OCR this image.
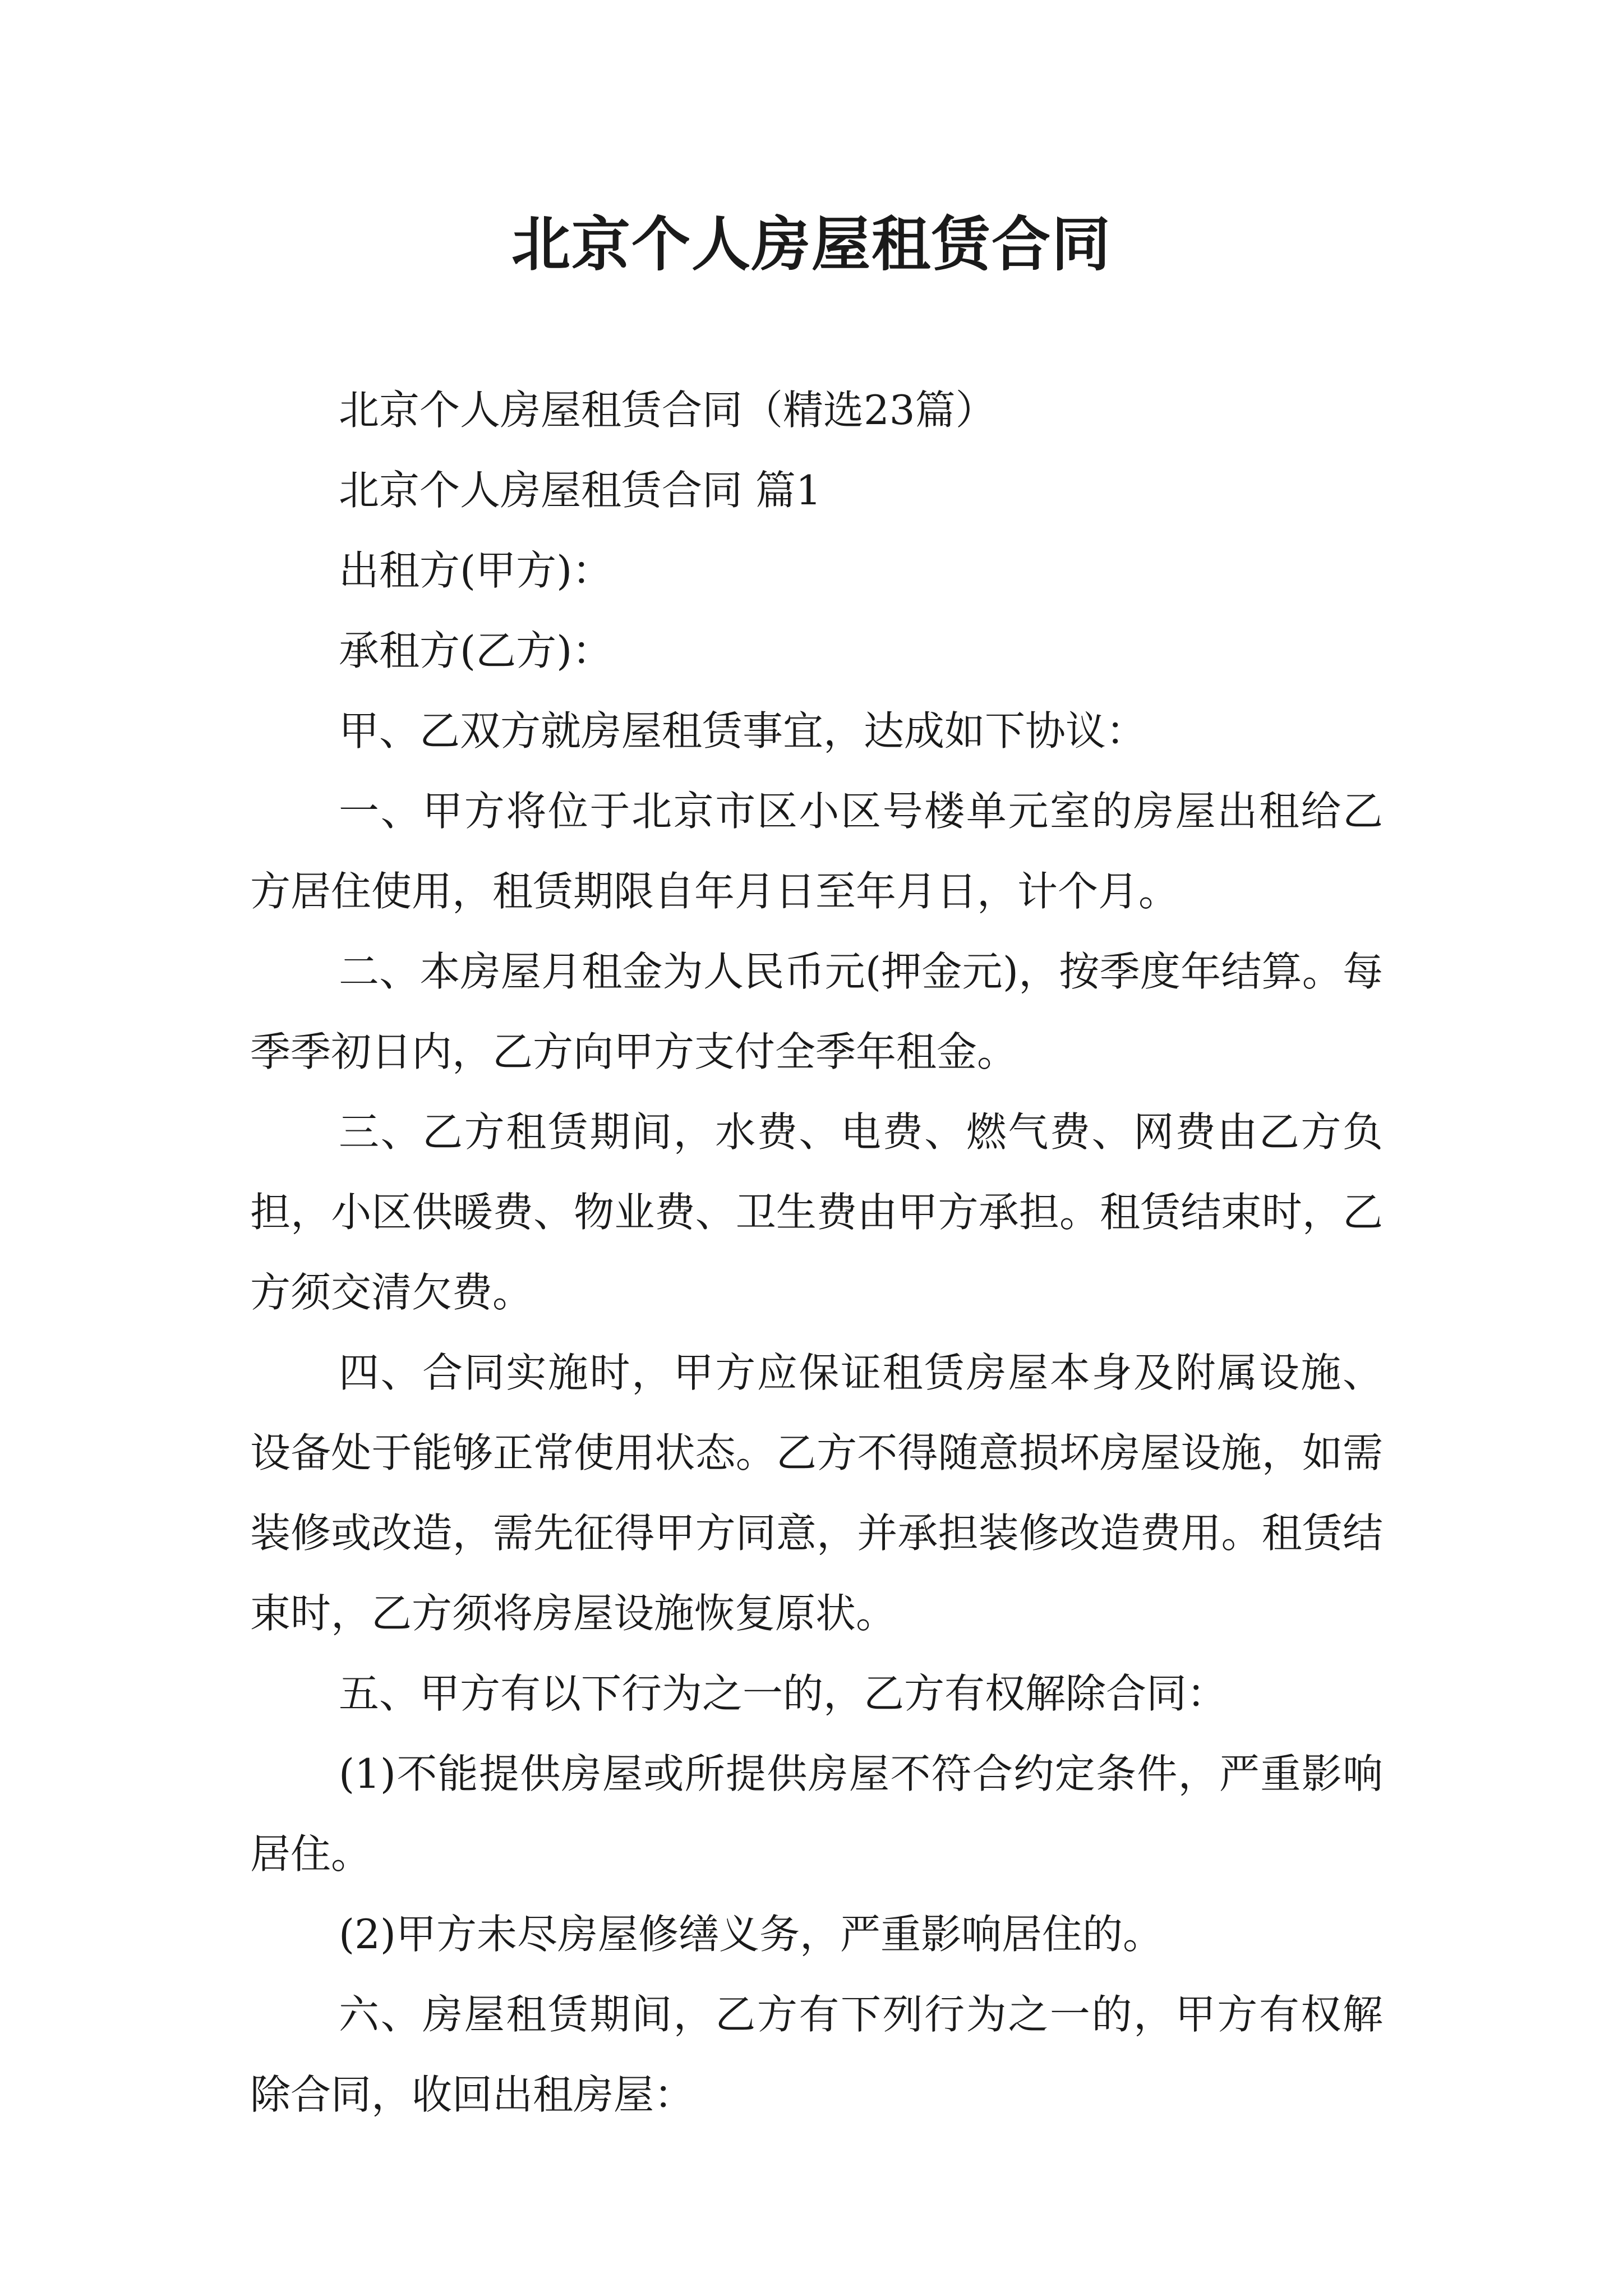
北京个人房屋租赁合同

北京个人房屋租赁合同（精选23篇）

北京个人房屋租赁合同 篇1

出租方(甲方)：

承租方(乙方)：

甲、乙双方就房屋租赁事宜，达成如下协议：

一、甲方将位于北京市区小区号楼单元室的房屋出租给乙方居住使用，租赁期限自年月日至年月日，计个月。

二、本房屋月租金为人民币元(押金元)，按季度年结算。每季季初日内，乙方向甲方支付全季年租金。

三、乙方租赁期间，水费、电费、燃气费、网费由乙方负担，小区供暖费、物业费、卫生费由甲方承担。租赁结束时，乙方须交清欠费。

四、合同实施时，甲方应保证租赁房屋本身及附属设施、设备处于能够正常使用状态。乙方不得随意损坏房屋设施，如需装修或改造，需先征得甲方同意，并承担装修改造费用。租赁结束时，乙方须将房屋设施恢复原状。

五、甲方有以下行为之一的，乙方有权解除合同：

(1)不能提供房屋或所提供房屋不符合约定条件，严重影响居住。

(2)甲方未尽房屋修缮义务，严重影响居住的。

六、房屋租赁期间，乙方有下列行为之一的，甲方有权解除合同，收回出租房屋：
